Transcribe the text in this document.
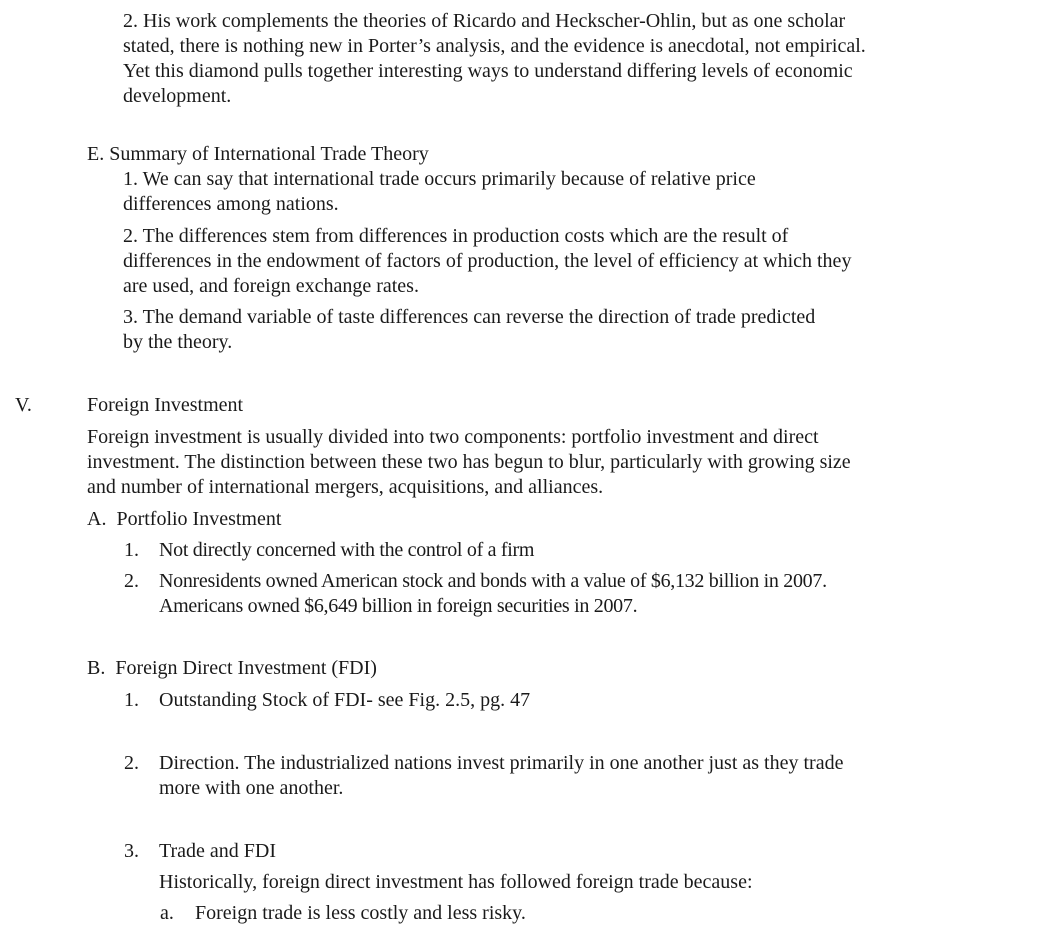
2. His work complements the theories of Ricardo and Heckscher-Ohlin, but as one scholar stated, there is nothing new in Porter’s analysis, and the evidence is anecdotal, not empirical. Yet this diamond pulls together interesting ways to understand differing levels of economic development.

E. Summary of International Trade Theory

1. We can say that international trade occurs primarily because of relative price differences among nations.

2. The differences stem from differences in production costs which are the result of differences in the endowment of factors of production, the level of efficiency at which they are used, and foreign exchange rates.

3. The demand variable of taste differences can reverse the direction of trade predicted by the theory.

V.	Foreign Investment

Foreign investment is usually divided into two components: portfolio investment and direct investment. The distinction between these two has begun to blur, particularly with growing size and number of international mergers, acquisitions, and alliances.

A.  Portfolio Investment

1. Not directly concerned with the control of a firm

2. Nonresidents owned American stock and bonds with a value of $6,132 billion in 2007. Americans owned $6,649 billion in foreign securities in 2007.

B.  Foreign Direct Investment (FDI)

1. Outstanding Stock of FDI- see Fig. 2.5, pg. 47

2. Direction. The industrialized nations invest primarily in one another just as they trade more with one another.

3. Trade and FDI

Historically, foreign direct investment has followed foreign trade because:

a. Foreign trade is less costly and less risky.
